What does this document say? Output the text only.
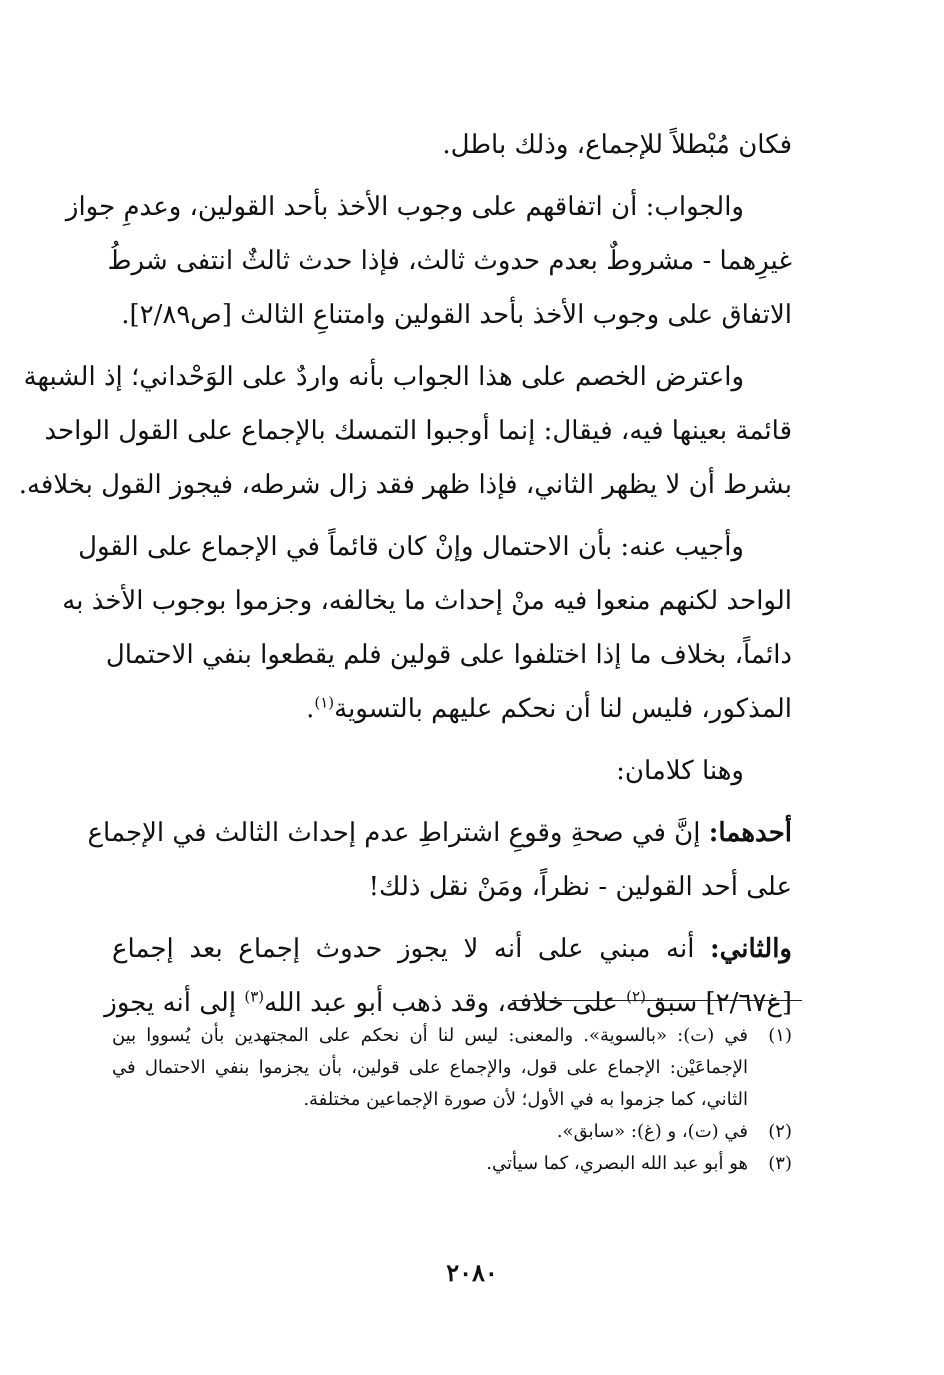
فكان مُبْطلاً للإجماع، وذلك باطل.
والجواب: أن اتفاقهم على وجوب الأخذ بأحد القولين، وعدمِ جواز
غيرِهما - مشروطٌ بعدم حدوث ثالث، فإذا حدث ثالثٌ انتفى شرطُ
الاتفاق على وجوب الأخذ بأحد القولين وامتناعِ الثالث [ص٢/٨٩].
واعترض الخصم على هذا الجواب بأنه واردٌ على الوَحْداني؛ إذ الشبهة
قائمة بعينها فيه، فيقال: إنما أوجبوا التمسك بالإجماع على القول الواحد
بشرط أن لا يظهر الثاني، فإذا ظهر فقد زال شرطه، فيجوز القول بخلافه.
وأجيب عنه: بأن الاحتمال وإنْ كان قائماً في الإجماع على القول
الواحد لكنهم منعوا فيه منْ إحداث ما يخالفه، وجزموا بوجوب الأخذ به
دائماً، بخلاف ما إذا اختلفوا على قولين فلم يقطعوا بنفي الاحتمال
المذكور، فليس لنا أن نحكم عليهم بالتسوية$^{(١)}$.
وهنا كلامان:
أحدهما: إنَّ في صحةِ وقوعِ اشتراطِ عدم إحداث الثالث في الإجماع
على أحد القولين - نظراً، ومَنْ نقل ذلك!
والثاني: أنه مبني على أنه لا يجوز حدوث إجماع بعد إجماع
[غ٢/٦٧] سبق$^{(٢)}$ على خلافه، وقد ذهب أبو عبد الله$^{(٣)}$ إلى أنه يجوز
(١)في (ت): «بالسوية». والمعنى: ليس لنا أن نحكم على المجتهدين بأن يُسووا بين
الإجماعَيْن: الإجماع على قول، والإجماع على قولين، بأن يجزموا بنفي الاحتمال في
الثاني، كما جزموا به في الأول؛ لأن صورة الإجماعين مختلفة.
(٢)في (ت)، و (غ): «سابق».
(٣)هو أبو عبد الله البصري، كما سيأتي.
٢٠٨٠
